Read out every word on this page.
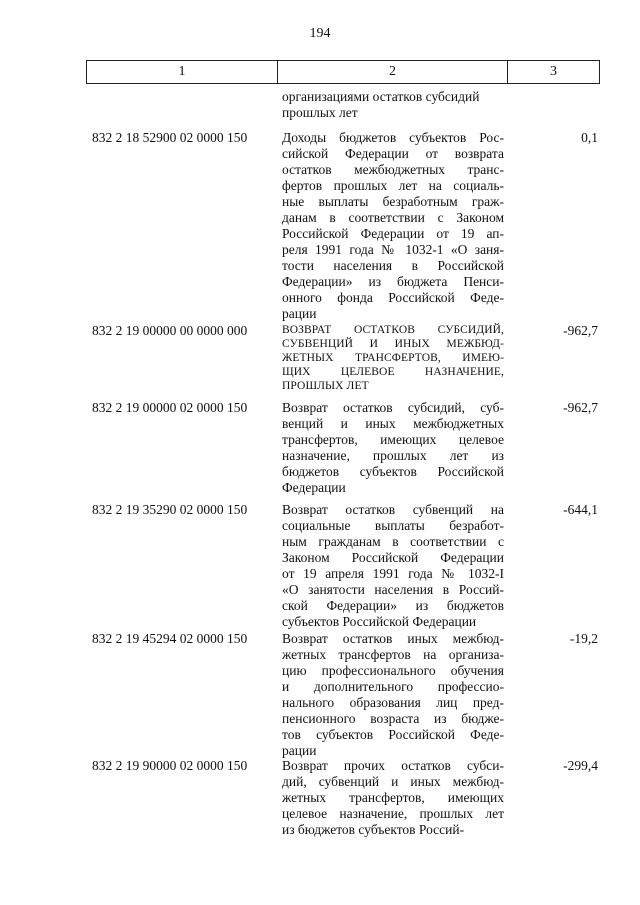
194
1	2	3
организациями остатков субсидий
прошлых лет
832 2 18 52900 02 0000 150	Доходы бюджетов субъектов Рос-
сийской Федерации от возврата
остатков межбюджетных транс-
фертов прошлых лет на социаль-
ные выплаты безработным граж-
данам в соответствии с Законом
Российской Федерации от 19 ап-
реля 1991 года № 1032-1 «О заня-
тости населения в Российской
Федерации» из бюджета Пенси-
онного фонда Российской Феде-
рации
0,1
832 2 19 00000 00 0000 000	ВОЗВРАТ ОСТАТКОВ СУБСИДИЙ,
СУБВЕНЦИЙ И ИНЫХ МЕЖБЮД-
ЖЕТНЫХ ТРАНСФЕРТОВ, ИМЕЮ-
ЩИХ ЦЕЛЕВОЕ НАЗНАЧЕНИЕ,
ПРОШЛЫХ ЛЕТ
-962,7
832 2 19 00000 02 0000 150	Возврат остатков субсидий, суб-
венций и иных межбюджетных
трансфертов, имеющих целевое
назначение, прошлых лет из
бюджетов субъектов Российской
Федерации
-962,7
832 2 19 35290 02 0000 150	Возврат остатков субвенций на
социальные выплаты безработ-
ным гражданам в соответствии с
Законом Российской Федерации
от 19 апреля 1991 года № 1032-I
«О занятости населения в Россий-
ской Федерации» из бюджетов
субъектов Российской Федерации
-644,1
832 2 19 45294 02 0000 150	Возврат остатков иных межбюд-
жетных трансфертов на организа-
цию профессионального обучения
и дополнительного профессио-
нального образования лиц пред-
пенсионного возраста из бюдже-
тов субъектов Российской Феде-
рации
-19,2
832 2 19 90000 02 0000 150	Возврат прочих остатков субси-
дий, субвенций и иных межбюд-
жетных трансфертов, имеющих
целевое назначение, прошлых лет
из бюджетов субъектов Россий-
-299,4
